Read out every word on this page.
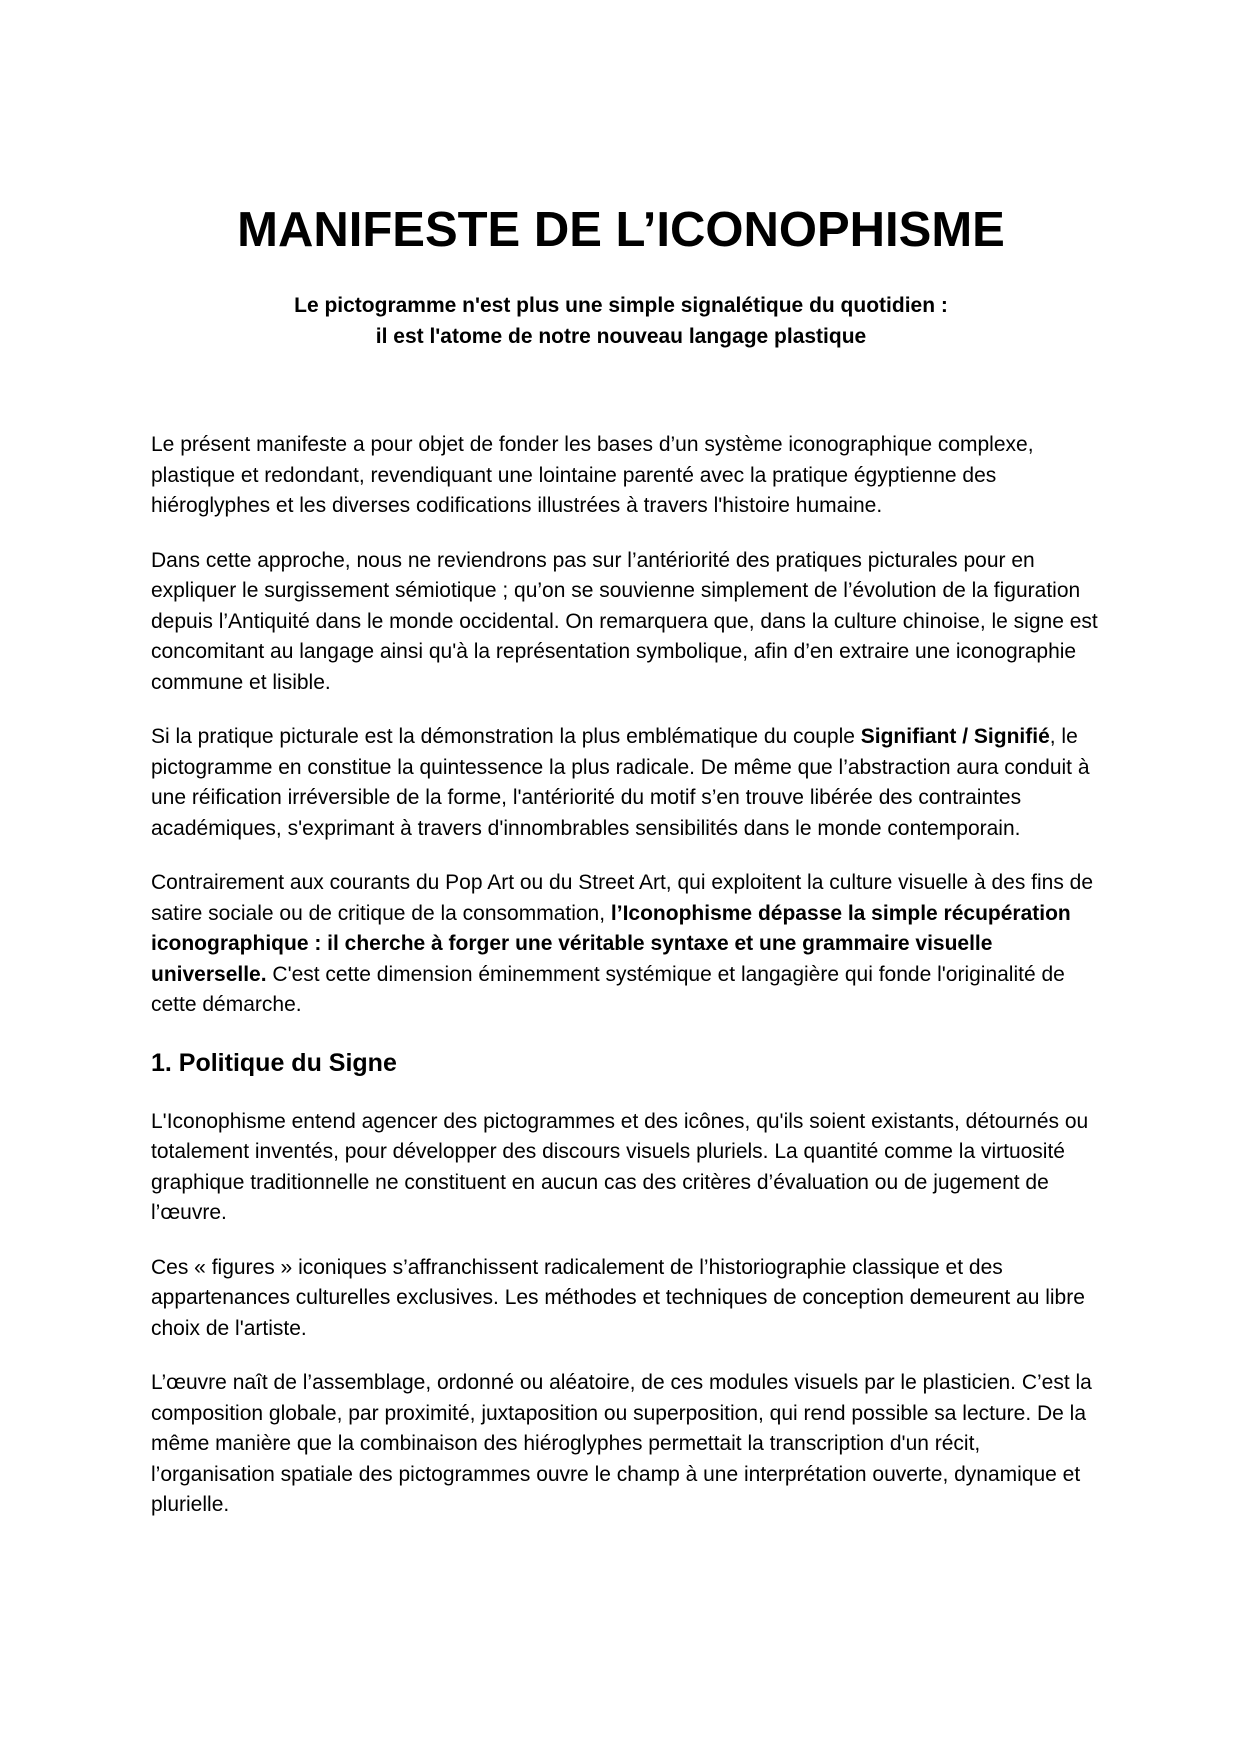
MANIFESTE DE L’ICONOPHISME
Le pictogramme n'est plus une simple signalétique du quotidien :
il est l'atome de notre nouveau langage plastique

Le présent manifeste a pour objet de fonder les bases d’un système iconographique complexe, plastique et redondant, revendiquant une lointaine parenté avec la pratique égyptienne des hiéroglyphes et les diverses codifications illustrées à travers l'histoire humaine.

Dans cette approche, nous ne reviendrons pas sur l’antériorité des pratiques picturales pour en expliquer le surgissement sémiotique ; qu’on se souvienne simplement de l’évolution de la figuration depuis l’Antiquité dans le monde occidental. On remarquera que, dans la culture chinoise, le signe est concomitant au langage ainsi qu'à la représentation symbolique, afin d’en extraire une iconographie commune et lisible.

Si la pratique picturale est la démonstration la plus emblématique du couple Signifiant / Signifié, le pictogramme en constitue la quintessence la plus radicale. De même que l’abstraction aura conduit à une réification irréversible de la forme, l'antériorité du motif s’en trouve libérée des contraintes académiques, s'exprimant à travers d'innombrables sensibilités dans le monde contemporain.

Contrairement aux courants du Pop Art ou du Street Art, qui exploitent la culture visuelle à des fins de satire sociale ou de critique de la consommation, l’Iconophisme dépasse la simple récupération iconographique : il cherche à forger une véritable syntaxe et une grammaire visuelle universelle. C'est cette dimension éminemment systémique et langagière qui fonde l'originalité de cette démarche.

1. Politique du Signe

L'Iconophisme entend agencer des pictogrammes et des icônes, qu'ils soient existants, détournés ou totalement inventés, pour développer des discours visuels pluriels. La quantité comme la virtuosité graphique traditionnelle ne constituent en aucun cas des critères d’évaluation ou de jugement de l’œuvre.

Ces « figures » iconiques s’affranchissent radicalement de l’historiographie classique et des appartenances culturelles exclusives. Les méthodes et techniques de conception demeurent au libre choix de l'artiste.

L’œuvre naît de l’assemblage, ordonné ou aléatoire, de ces modules visuels par le plasticien. C’est la composition globale, par proximité, juxtaposition ou superposition, qui rend possible sa lecture. De la même manière que la combinaison des hiéroglyphes permettait la transcription d'un récit, l’organisation spatiale des pictogrammes ouvre le champ à une interprétation ouverte, dynamique et plurielle.
